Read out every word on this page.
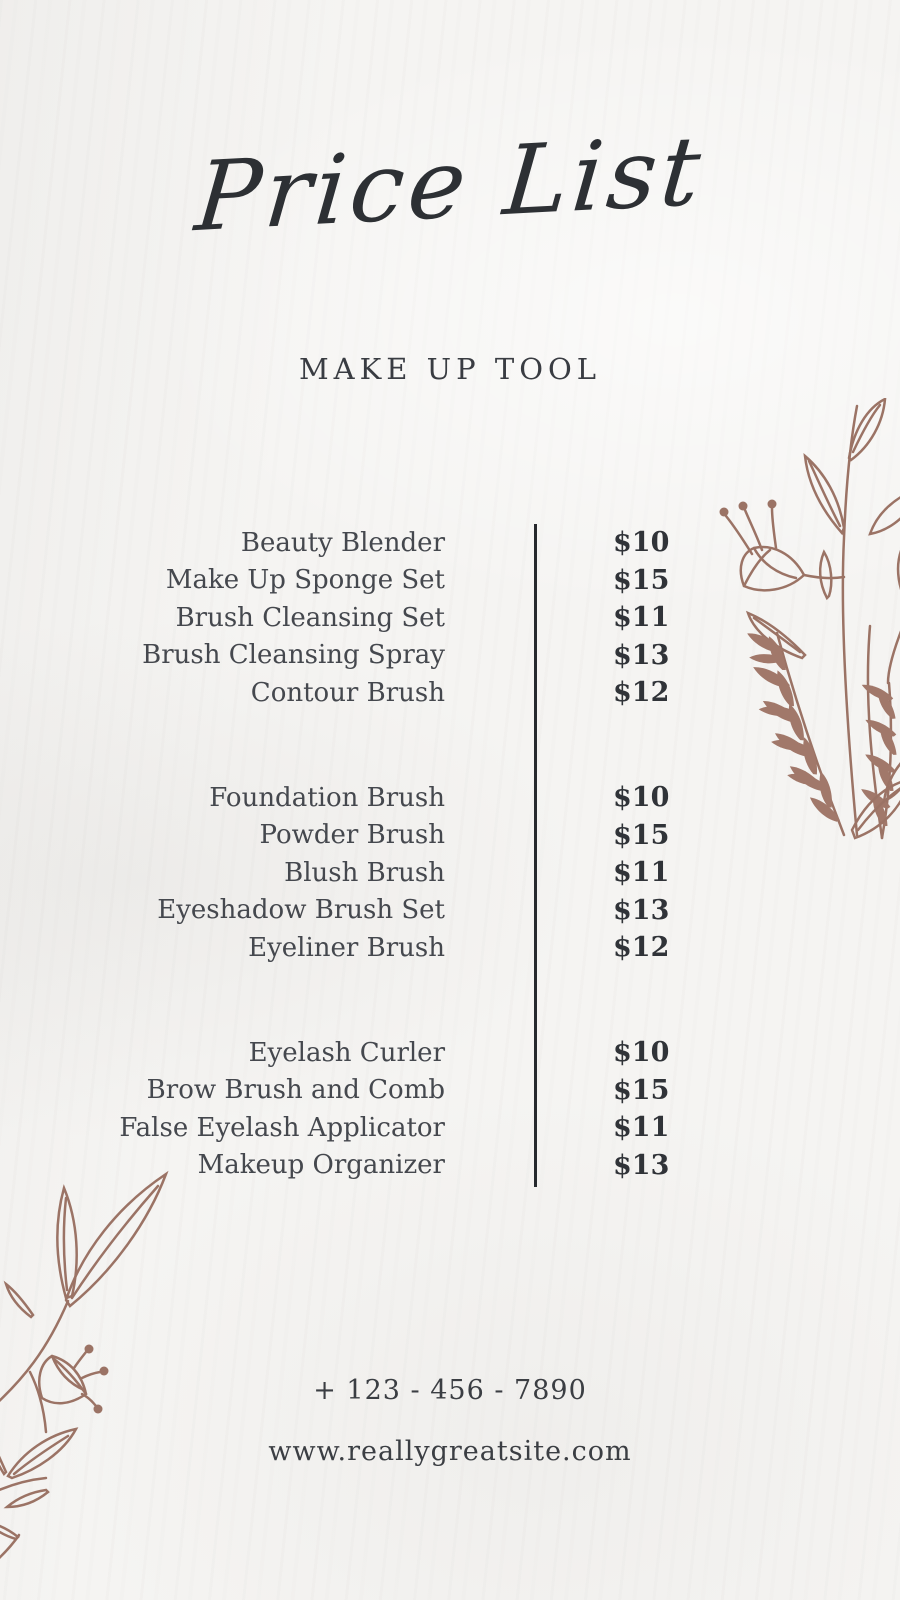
Price List
MAKE UP TOOL
Beauty Blender	$10
Make Up Sponge Set	$15
Brush Cleansing Set	$11
Brush Cleansing Spray	$13
Contour Brush	$12
Foundation Brush	$10
Powder Brush	$15
Blush Brush	$11
Eyeshadow Brush Set	$13
Eyeliner Brush	$12
Eyelash Curler	$10
Brow Brush and Comb	$15
False Eyelash Applicator	$11
Makeup Organizer	$13

+ 123 - 456 - 7890

www.reallygreatsite.com
